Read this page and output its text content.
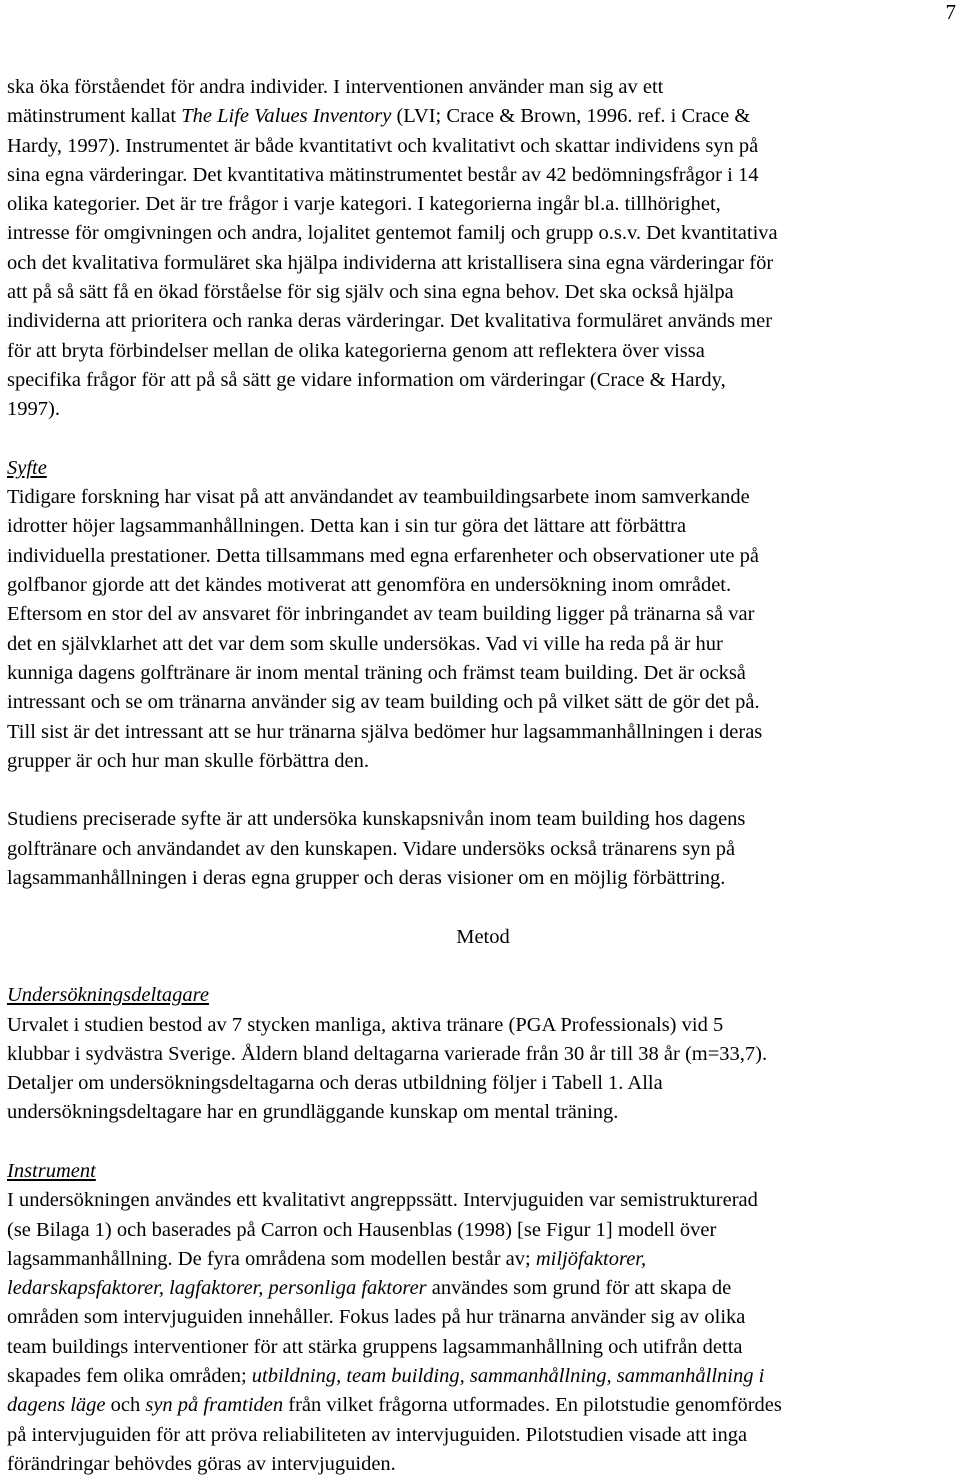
7
ska öka förståendet för andra individer. I interventionen använder man sig av ett
mätinstrument kallat The Life Values Inventory (LVI; Crace & Brown, 1996. ref. i Crace &
Hardy, 1997). Instrumentet är både kvantitativt och kvalitativt och skattar individens syn på
sina egna värderingar. Det kvantitativa mätinstrumentet består av 42 bedömningsfrågor i 14
olika kategorier. Det är tre frågor i varje kategori. I kategorierna ingår bl.a. tillhörighet,
intresse för omgivningen och andra, lojalitet gentemot familj och grupp o.s.v. Det kvantitativa
och det kvalitativa formuläret ska hjälpa individerna att kristallisera sina egna värderingar för
att på så sätt få en ökad förståelse för sig själv och sina egna behov. Det ska också hjälpa
individerna att prioritera och ranka deras värderingar. Det kvalitativa formuläret används mer
för att bryta förbindelser mellan de olika kategorierna genom att reflektera över vissa
specifika frågor för att på så sätt ge vidare information om värderingar (Crace & Hardy,
1997).
Syfte
Tidigare forskning har visat på att användandet av teambuildingsarbete inom samverkande
idrotter höjer lagsammanhållningen. Detta kan i sin tur göra det lättare att förbättra
individuella prestationer. Detta tillsammans med egna erfarenheter och observationer ute på
golfbanor gjorde att det kändes motiverat att genomföra en undersökning inom området.
Eftersom en stor del av ansvaret för inbringandet av team building ligger på tränarna så var
det en självklarhet att det var dem som skulle undersökas. Vad vi ville ha reda på är hur
kunniga dagens golftränare är inom mental träning och främst team building. Det är också
intressant och se om tränarna använder sig av team building och på vilket sätt de gör det på.
Till sist är det intressant att se hur tränarna själva bedömer hur lagsammanhållningen i deras
grupper är och hur man skulle förbättra den.
Studiens preciserade syfte är att undersöka kunskapsnivån inom team building hos dagens
golftränare och användandet av den kunskapen. Vidare undersöks också tränarens syn på
lagsammanhållningen i deras egna grupper och deras visioner om en möjlig förbättring.
Metod
Undersökningsdeltagare
Urvalet i studien bestod av 7 stycken manliga, aktiva tränare (PGA Professionals) vid 5
klubbar i sydvästra Sverige. Åldern bland deltagarna varierade från 30 år till 38 år (m=33,7).
Detaljer om undersökningsdeltagarna och deras utbildning följer i Tabell 1. Alla
undersökningsdeltagare har en grundläggande kunskap om mental träning.
Instrument
I undersökningen användes ett kvalitativt angreppssätt. Intervjuguiden var semistrukturerad
(se Bilaga 1) och baserades på Carron och Hausenblas (1998) [se Figur 1] modell över
lagsammanhållning. De fyra områdena som modellen består av; miljöfaktorer,
ledarskapsfaktorer, lagfaktorer, personliga faktorer användes som grund för att skapa de
områden som intervjuguiden innehåller. Fokus lades på hur tränarna använder sig av olika
team buildings interventioner för att stärka gruppens lagsammanhållning och utifrån detta
skapades fem olika områden; utbildning, team building, sammanhållning, sammanhållning i
dagens läge och syn på framtiden från vilket frågorna utformades. En pilotstudie genomfördes
på intervjuguiden för att pröva reliabiliteten av intervjuguiden. Pilotstudien visade att inga
förändringar behövdes göras av intervjuguiden.
